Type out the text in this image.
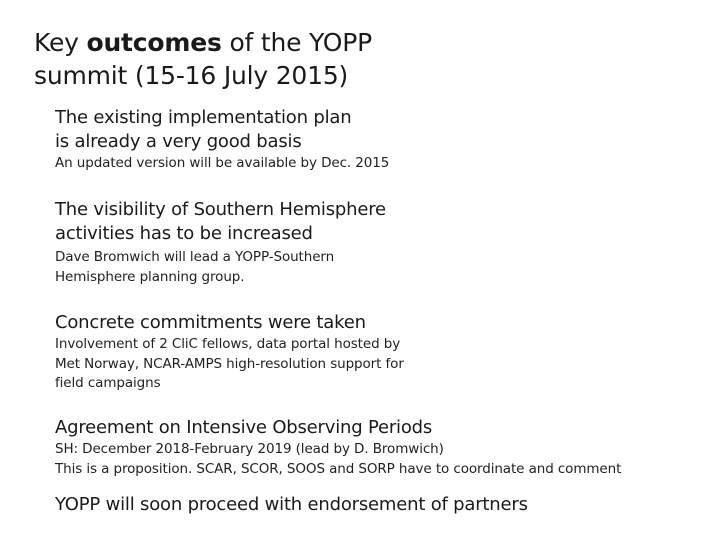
Key outcomes of the YOPP
summit (15-16 July 2015)
The existing implementation plan
is already a very good basis
An updated version will be available by Dec. 2015
The visibility of Southern Hemisphere
activities has to be increased
Dave Bromwich will lead a YOPP-Southern
Hemisphere planning group.
Concrete commitments were taken
Involvement of 2 CliC fellows, data portal hosted by
Met Norway, NCAR-AMPS high-resolution support for
field campaigns
Agreement on Intensive Observing Periods
SH: December 2018-February 2019 (lead by D. Bromwich)
This is a proposition. SCAR, SCOR, SOOS and SORP have to coordinate and comment
YOPP will soon proceed with endorsement of partners
